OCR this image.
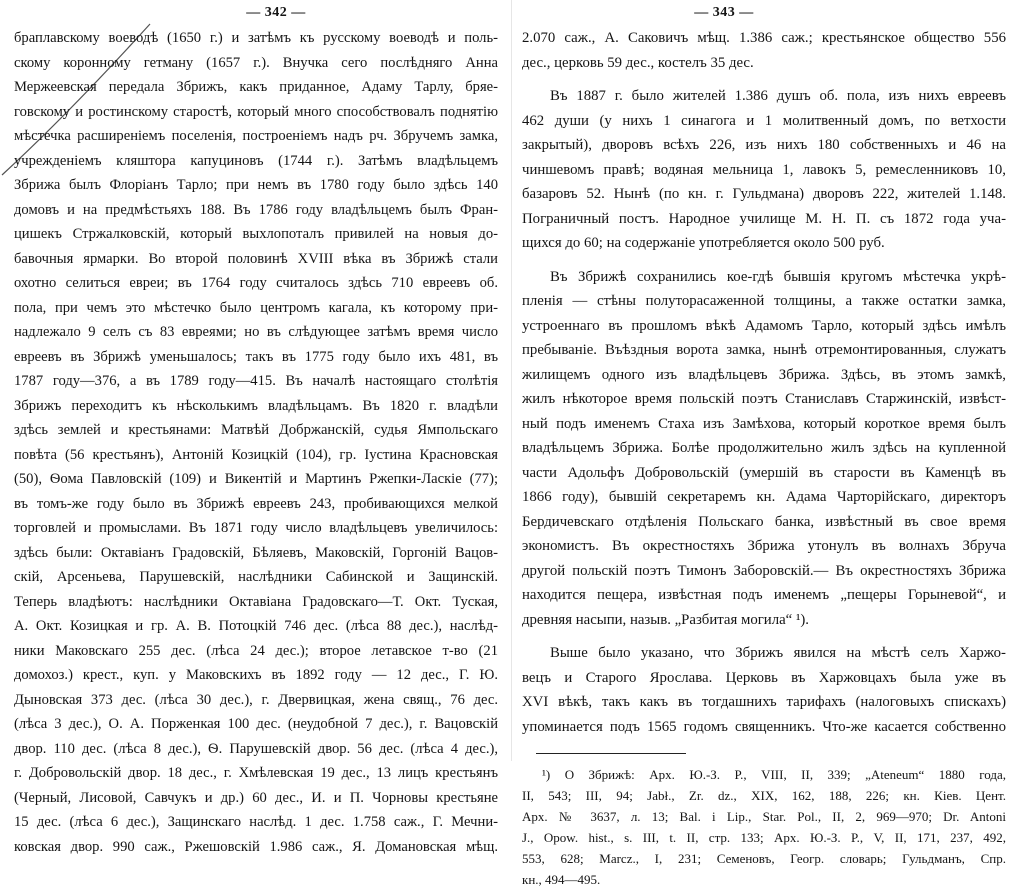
— 342 —
браплавскому воеводѣ (1650 г.) и затѣмъ къ русскому воеводѣ и поль-
скому коронному гетману (1657 г.). Внучка сего послѣдняго Анна
Мержеевская передала Збрижъ, какъ приданное, Адаму Тарлу, бряе-
говскому и ростинскому старостѣ, который много способствовалъ поднятію
мѣстечка расширеніемъ поселенія, построеніемъ надъ рч. Збручемъ замка,
учрежденіемъ кляштора капуциновъ (1744 г.). Затѣмъ владѣльцемъ
Збрижа былъ Флоріанъ Тарло; при немъ въ 1780 году было здѣсь 140
домовъ и на предмѣстьяхъ 188. Въ 1786 году владѣльцемъ былъ Фран-
цишекъ Стржалковскій, который выхлопоталъ привилей на новыя до-
бавочныя ярмарки. Во второй половинѣ XVIII вѣка въ Збрижѣ стали
охотно селиться евреи; въ 1764 году считалось здѣсь 710 евреевъ об.
пола, при чемъ это мѣстечко было центромъ кагала, къ которому при-
надлежало 9 селъ съ 83 евреями; но въ слѣдующее затѣмъ время число
евреевъ въ Збрижѣ уменьшалось; такъ въ 1775 году было ихъ 481, въ
1787 году—376, а въ 1789 году—415. Въ началѣ настоящаго столѣтія
Збрижъ переходитъ къ нѣсколькимъ владѣльцамъ. Въ 1820 г. владѣли
здѣсь землей и крестьянами: Матвѣй Добржанскій, судья Ямпольскаго
повѣта (56 крестьянъ), Антоній Козицкій (104), гр. Іустина Красновская
(50), Ѳома Павловскій (109) и Викентій и Мартинъ Ржепки-Ласкіе (77);
въ томъ-же году было въ Збрижѣ евреевъ 243, пробивающихся мелкой
торговлей и промыслами. Въ 1871 году число владѣльцевъ увеличилось:
здѣсь были: Октавіанъ Градовскій, Бѣляевъ, Маковскій, Горгоній Вацов-
скій, Арсеньева, Парушевскій, наслѣдники Сабинской и Защинскій.
Теперь владѣютъ: наслѣдники Октавіана Градовскаго—Т. Окт. Туская,
А. Окт. Козицкая и гр. А. В. Потоцкій 746 дес. (лѣса 88 дес.), наслѣд-
ники Маковскаго 255 дес. (лѣса 24 дес.); второе летавское т-во (21
домохоз.) крест., куп. у Маковскихъ въ 1892 году — 12 дес., Г. Ю.
Дыновская 373 дес. (лѣса 30 дес.), г. Двервицкая, жена свящ., 76 дес.
(лѣса 3 дес.), О. А. Порженкая 100 дес. (неудобной 7 дес.), г. Вацовскій
двор. 110 дес. (лѣса 8 дес.), Ѳ. Парушевскій двор. 56 дес. (лѣса 4 дес.),
г. Добровольскій двор. 18 дес., г. Хмѣлевская 19 дес., 13 лицъ крестьянъ
(Черный, Лисовой, Савчукъ и др.) 60 дес., И. и П. Чорновы крестьяне
15 дес. (лѣса 6 дес.), Защинскаго наслѣд. 1 дес. 1.758 саж., Г. Мечни-
ковская двор. 990 саж., Ржешовскій 1.986 саж., Я. Домановская мѣщ.
— 343 —
2.070 саж., А. Саковичъ мѣщ. 1.386 саж.; крестьянское общество 556
дес., церковь 59 дес., костелъ 35 дес.
Въ 1887 г. было жителей 1.386 душъ об. пола, изъ нихъ евреевъ
462 души (у нихъ 1 синагога и 1 молитвенный домъ, по ветхости
закрытый), дворовъ всѣхъ 226, изъ нихъ 180 собственныхъ и 46 на
чиншевомъ правѣ; водяная мельница 1, лавокъ 5, ремесленниковъ 10,
базаровъ 52. Нынѣ (по кн. г. Гульдмана) дворовъ 222, жителей 1.148.
Пограничный постъ. Народное училище М. Н. П. съ 1872 года уча-
щихся до 60; на содержаніе употребляется около 500 руб.
Въ Збрижѣ сохранились кое-гдѣ бывшія кругомъ мѣстечка укрѣ-
пленія — стѣны полуторасаженной толщины, а также остатки замка,
устроеннаго въ прошломъ вѣкѣ Адамомъ Тарло, который здѣсь имѣлъ
пребываніе. Въѣздныя ворота замка, нынѣ отремонтированныя, служатъ
жилищемъ одного изъ владѣльцевъ Збрижа. Здѣсь, въ этомъ замкѣ,
жилъ нѣкоторое время польскій поэтъ Станиславъ Старжинскій, извѣст-
ный подъ именемъ Стаха изъ Замѣхова, который короткое время былъ
владѣльцемъ Збрижа. Болѣе продолжительно жилъ здѣсь на купленной
части Адольфъ Добровольскій (умершій въ старости въ Каменцѣ въ
1866 году), бывшій секретаремъ кн. Адама Чарторійскаго, директоръ
Бердичевскаго отдѣленія Польскаго банка, извѣстный въ свое время
экономистъ. Въ окрестностяхъ Збрижа утонулъ въ волнахъ Збруча
другой польскій поэтъ Тимонъ Заборовскій.— Въ окрестностяхъ Збрижа
находится пещера, извѣстная подъ именемъ „пещеры Горыневой“, и
древняя насыпи, назыв. „Разбитая могила“ ¹).
Выше было указано, что Збрижъ явился на мѣстѣ селъ Харжо-
вецъ и Старого Ярослава. Церковь въ Харжовцахъ была уже въ
XVI вѣкѣ, такъ какъ въ тогдашнихъ тарифахъ (налоговыхъ спискахъ)
упоминается подъ 1565 годомъ священникъ. Что-же касается собственно
¹) О Збрижѣ: Арх. Ю.-З. Р., VIII, II, 339; „Ateneum“ 1880 года,
II, 543; III, 94; Jabł., Zr. dz., XIX, 162, 188, 226; кн. Кіев. Цент.
Арх. № 3637, л. 13; Bal. i Lip., Star. Pol., II, 2, 969—970; Dr. Antoni
J., Opow. hist., s. III, t. II, стр. 133; Арх. Ю.-З. Р., V, II, 171, 237, 492,
553, 628; Marcz., I, 231; Семеновъ, Геогр. словарь; Гульдманъ, Спр.
кн., 494—495.
